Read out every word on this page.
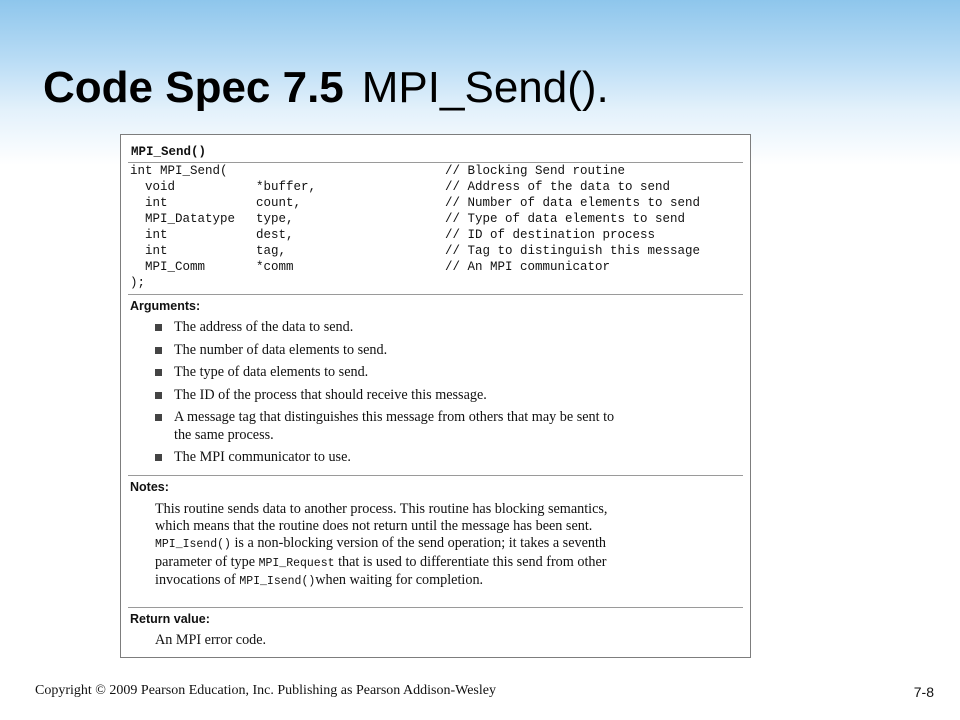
Code Spec 7.5 MPI_Send().
MPI_Send()
int MPI_Send(	// Blocking Send routine
void	*buffer,	// Address of the data to send
int	count,	// Number of data elements to send
MPI_Datatype type,	// Type of data elements to send
int	dest,	// ID of destination process
int	tag,	// Tag to distinguish this message
MPI_Comm	*comm	// An MPI communicator
);
Arguments:
The address of the data to send.
The number of data elements to send.
The type of data elements to send.
The ID of the process that should receive this message.
A message tag that distinguishes this message from others that may be sent to the same process.
The MPI communicator to use.
Notes:
This routine sends data to another process. This routine has blocking semantics, which means that the routine does not return until the message has been sent. MPI_Isend() is a non-blocking version of the send operation; it takes a seventh parameter of type MPI_Request that is used to differentiate this send from other invocations of MPI_Isend()when waiting for completion.
Return value:
An MPI error code.
Copyright © 2009 Pearson Education, Inc. Publishing as Pearson Addison-Wesley	7-8
